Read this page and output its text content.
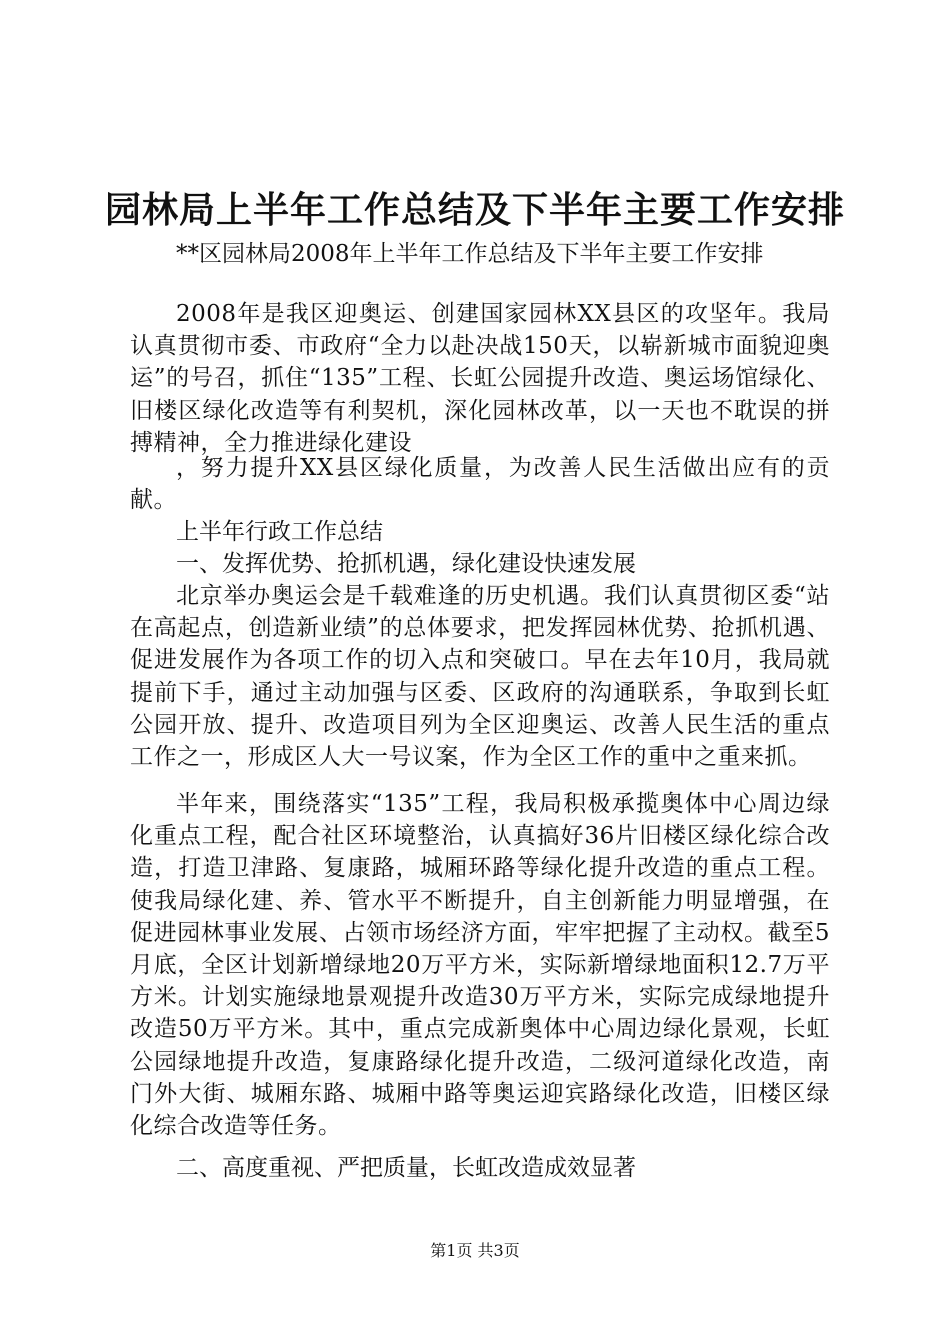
园林局上半年工作总结及下半年主要工作安排
**区园林局2008年上半年工作总结及下半年主要工作安排

2008年是我区迎奥运、创建国家园林XX县区的攻坚年。我局认真贯彻市委、市政府“全力以赴决战150天，以崭新城市面貌迎奥运”的号召，抓住“135”工程、长虹公园提升改造、奥运场馆绿化、旧楼区绿化改造等有利契机，深化园林改革，以一天也不耽误的拼搏精神，全力推进绿化建设

，努力提升XX县区绿化质量，为改善人民生活做出应有的贡献。

上半年行政工作总结
一、发挥优势、抢抓机遇，绿化建设快速发展

北京举办奥运会是千载难逢的历史机遇。我们认真贯彻区委“站在高起点，创造新业绩”的总体要求，把发挥园林优势、抢抓机遇、促进发展作为各项工作的切入点和突破口。早在去年10月，我局就提前下手，通过主动加强与区委、区政府的沟通联系，争取到长虹公园开放、提升、改造项目列为全区迎奥运、改善人民生活的重点工作之一，形成区人大一号议案，作为全区工作的重中之重来抓。

半年来，围绕落实“135”工程，我局积极承揽奥体中心周边绿化重点工程，配合社区环境整治，认真搞好36片旧楼区绿化综合改造，打造卫津路、复康路，城厢环路等绿化提升改造的重点工程。使我局绿化建、养、管水平不断提升，自主创新能力明显增强，在促进园林事业发展、占领市场经济方面，牢牢把握了主动权。截至5月底，全区计划新增绿地20万平方米，实际新增绿地面积12.7万平方米。计划实施绿地景观提升改造30万平方米，实际完成绿地提升改造50万平方米。其中，重点完成新奥体中心周边绿化景观，长虹公园绿地提升改造，复康路绿化提升改造，二级河道绿化改造，南门外大街、城厢东路、城厢中路等奥运迎宾路绿化改造，旧楼区绿化综合改造等任务。

二、高度重视、严把质量，长虹改造成效显著
第1页 共3页
